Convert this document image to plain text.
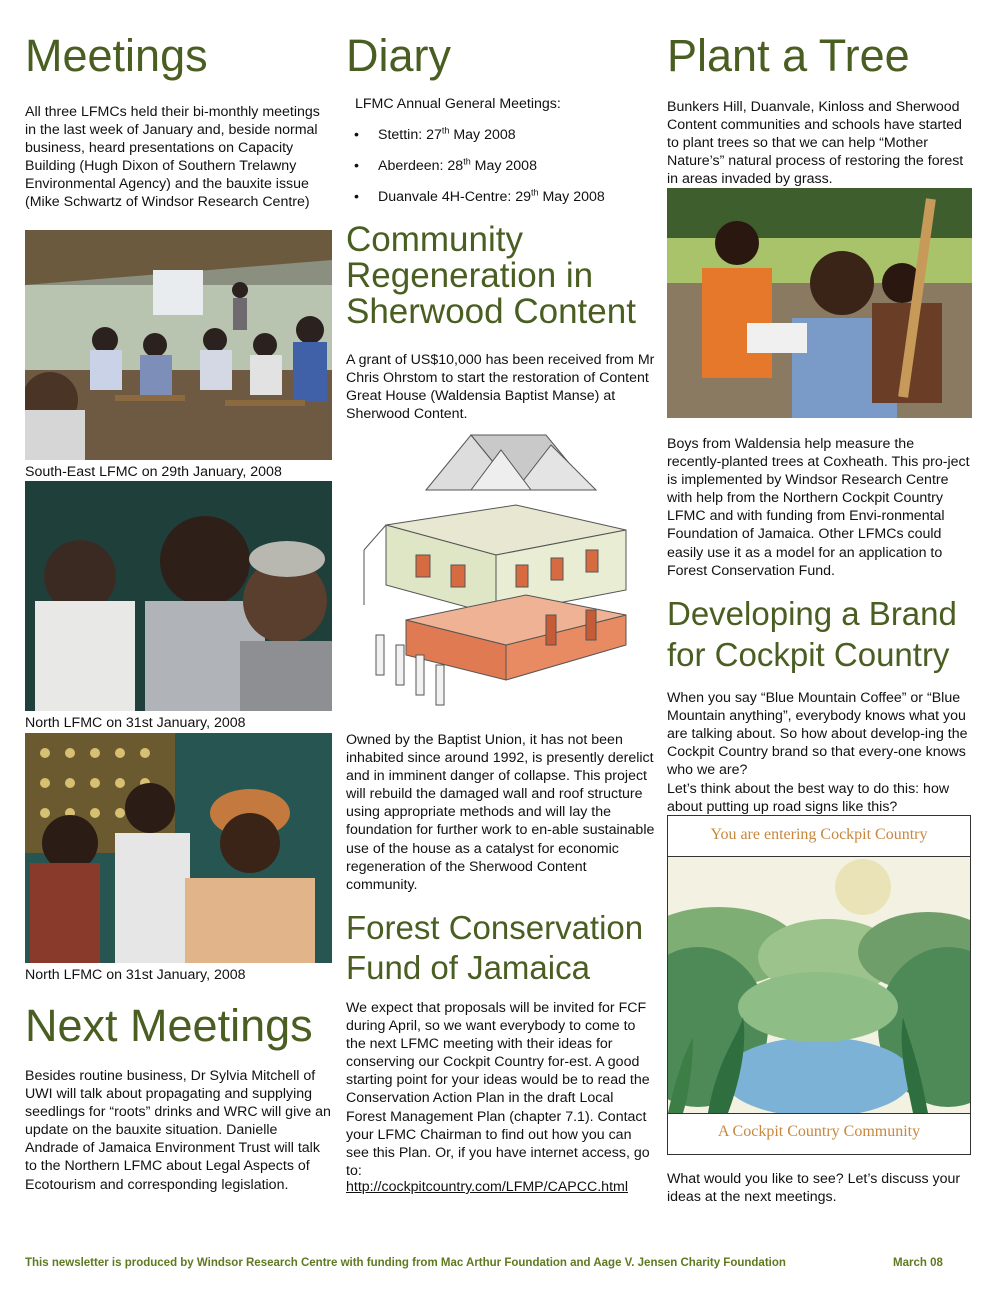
Meetings

All three LFMCs held their bi-monthly meetings in the last week of January and, beside normal business, heard presentations on Capacity Building (Hugh Dixon of Southern Trelawny Environmental Agency) and the bauxite issue (Mike Schwartz of Windsor Research Centre)

South-East LFMC on 29th January, 2008
North LFMC on 31st January, 2008
North LFMC on 31st January, 2008
Next Meetings

Besides routine business, Dr Sylvia Mitchell of UWI will talk about propagating and supplying seedlings for “roots” drinks and WRC will give an update on the bauxite situation. Danielle Andrade of Jamaica Environment Trust will talk to the Northern LFMC about Legal Aspects of Ecotourism and corresponding legislation.

Diary

LFMC Annual General Meetings:

• Stettin: 27th May 2008
• Aberdeen: 28th May 2008
• Duanvale 4H-Centre: 29th May 2008
Community Regeneration in Sherwood Content

A grant of US$10,000 has been received from Mr Chris Ohrstom to start the restoration of Content Great House (Waldensia Baptist Manse) at Sherwood Content.

Owned by the Baptist Union, it has not been inhabited since around 1992, is presently derelict and in imminent danger of collapse. This project will rebuild the damaged wall and roof structure using appropriate methods and will lay the foundation for further work to en-able sustainable use of the house as a catalyst for economic regeneration of the Sherwood Content community.

Forest Conservation Fund of Jamaica

We expect that proposals will be invited for FCF during April, so we want everybody to come to the next LFMC meeting with their ideas for conserving our Cockpit Country for-est. A good starting point for your ideas would be to read the Conservation Action Plan in the draft Local Forest Management Plan (chapter 7.1). Contact your LFMC Chairman to find out how you can see this Plan. Or, if you have internet access, go to:

http://cockpitcountry.com/LFMP/CAPCC.html
Plant a Tree

Bunkers Hill, Duanvale, Kinloss and Sherwood Content communities and schools have started to plant trees so that we can help “Mother Nature’s” natural process of restoring the forest in areas invaded by grass.

Boys from Waldensia help measure the recently-planted trees at Coxheath. This pro-ject is implemented by Windsor Research Centre with help from the Northern Cockpit Country LFMC and with funding from Envi-ronmental Foundation of Jamaica. Other LFMCs could easily use it as a model for an application to Forest Conservation Fund.

Developing a Brand for Cockpit Country

When you say “Blue Mountain Coffee” or “Blue Mountain anything”, everybody knows what you are talking about. So how about develop-ing the Cockpit Country brand so that every-one knows who we are?

Let’s think about the best way to do this: how about putting up road signs like this?

You are entering Cockpit Country
A Cockpit Country Community

What would you like to see? Let’s discuss your ideas at the next meetings.

This newsletter is produced by Windsor Research Centre with funding from Mac Arthur Foundation and Aage V. Jensen Charity Foundation	March 08
